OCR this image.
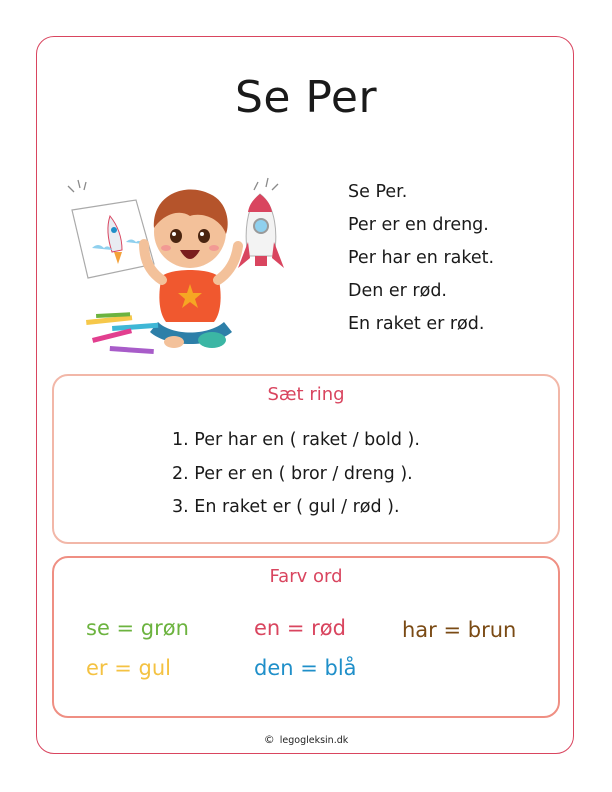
Se Per
Se Per.
Per er en dreng.
Per har en raket.
Den er rød.
En raket er rød.
Sæt ring
1. Per har en ( raket / bold ).
2. Per er en ( bror / dreng ).
3. En raket er ( gul / rød ).
Farv ord
se = grøn
er = gul
en = rød
den = blå
har = brun
© legogleksin.dk
